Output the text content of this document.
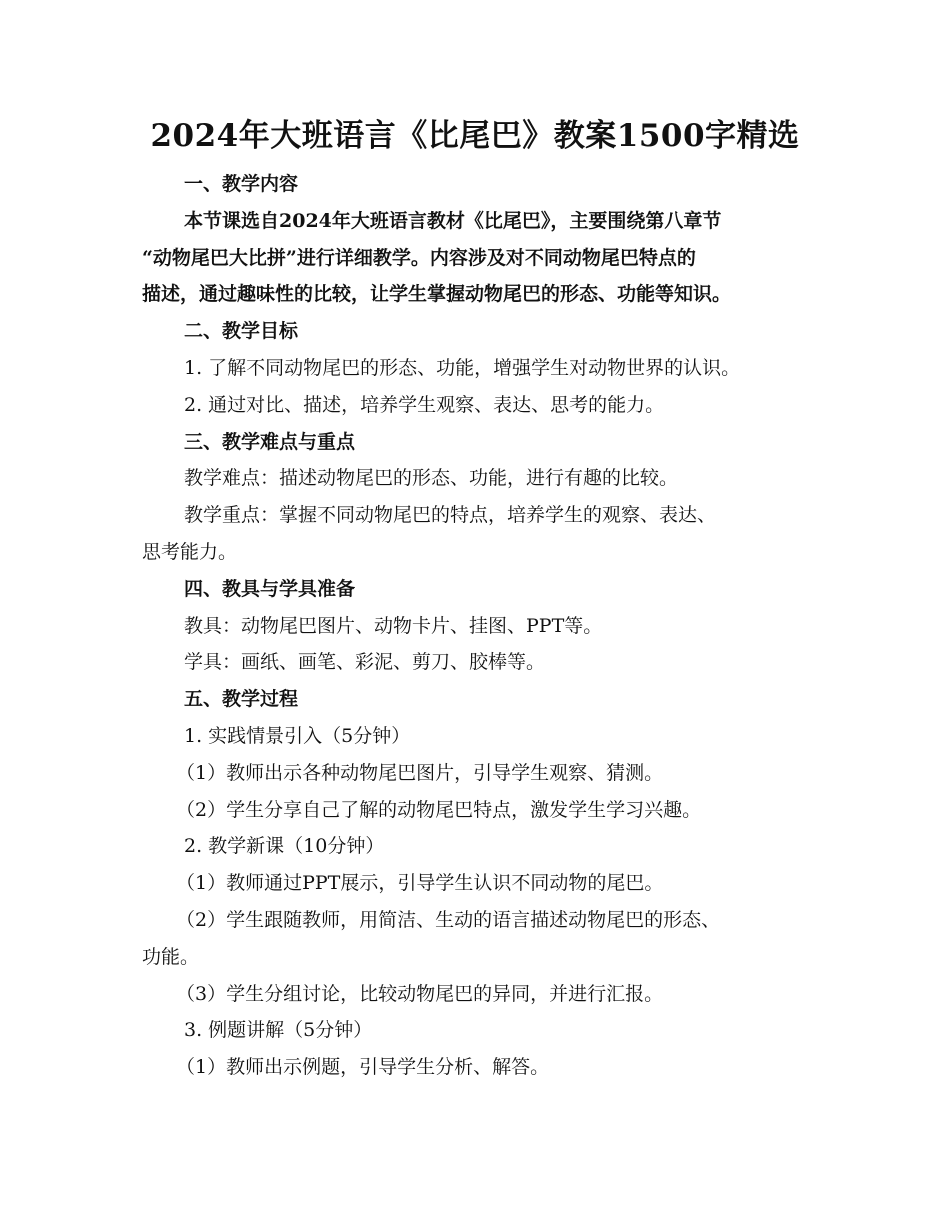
2024年大班语言《比尾巴》教案1500字精选
一、教学内容
本节课选自2024年大班语言教材《比尾巴》，主要围绕第八章节
“动物尾巴大比拼”进行详细教学。内容涉及对不同动物尾巴特点的
描述，通过趣味性的比较，让学生掌握动物尾巴的形态、功能等知识。
二、教学目标
1. 了解不同动物尾巴的形态、功能，增强学生对动物世界的认识。
2. 通过对比、描述，培养学生观察、表达、思考的能力。
三、教学难点与重点
教学难点：描述动物尾巴的形态、功能，进行有趣的比较。
教学重点：掌握不同动物尾巴的特点，培养学生的观察、表达、
思考能力。
四、教具与学具准备
教具：动物尾巴图片、动物卡片、挂图、PPT等。
学具：画纸、画笔、彩泥、剪刀、胶棒等。
五、教学过程
1. 实践情景引入（5分钟）
（1）教师出示各种动物尾巴图片，引导学生观察、猜测。
（2）学生分享自己了解的动物尾巴特点，激发学生学习兴趣。
2. 教学新课（10分钟）
（1）教师通过PPT展示，引导学生认识不同动物的尾巴。
（2）学生跟随教师，用简洁、生动的语言描述动物尾巴的形态、
功能。
（3）学生分组讨论，比较动物尾巴的异同，并进行汇报。
3. 例题讲解（5分钟）
（1）教师出示例题，引导学生分析、解答。
